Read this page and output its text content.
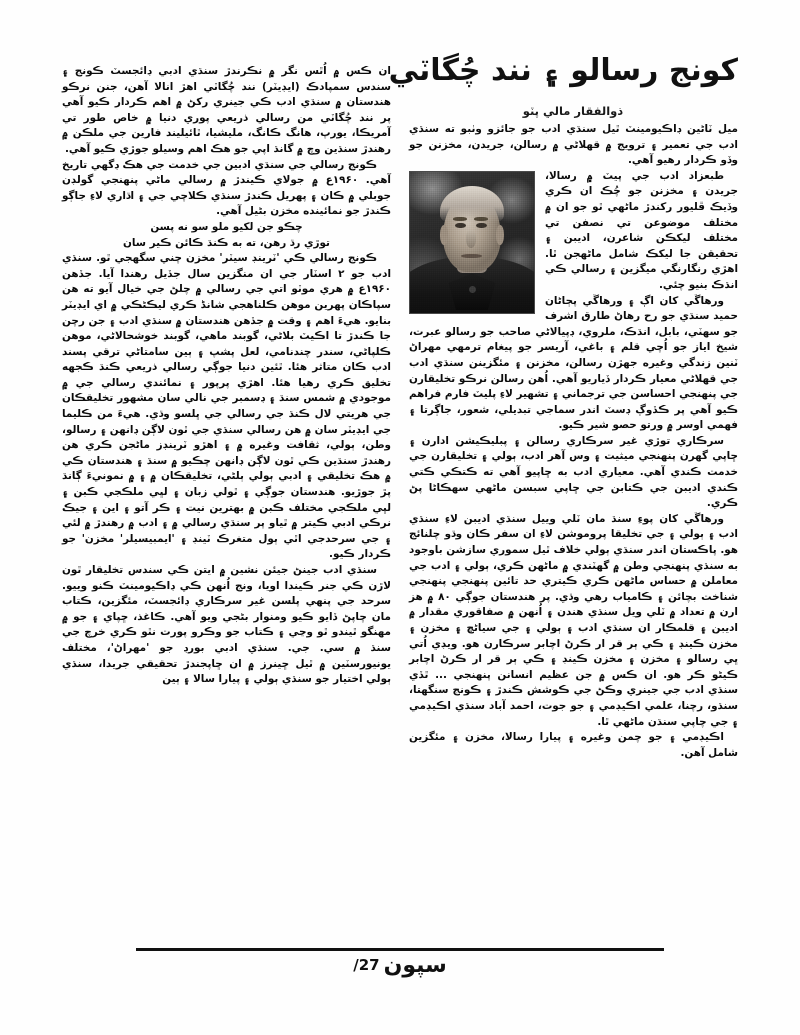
كونج رسالو ۽ نند چُگاٽي
ذوالفقار مالي پٽو

ميل ٽاڻين ڊاڪيومينٽ ٿيل سنڌي ادب جو جائزو وٺبو ته سنڌي ادب جي تعمير ۽ ترويج ۾ قهلاڻي ۾ رسالن، جريدن، مخزنن جو وڏو ڪردار رهيو آهي.

طبعزاد ادب جي پيٽ ۾ رسالا، جريدن ۽ مخزنن جو چُڪ ان ڪري وڏيڪ ڦليور رکندڙ ماڻهي ٿو جو ان ۾ مختلف موضوعن تي نصفن تي مختلف ليکڪن شاعرن، اديبن ۽ تحقيقن جا ليکڪ شامل ماڻهجن ٿا. اهڙي رنگارنگي ميگزين ۽ رسالي ڪي انڌڪ بنيو چئي.

ورهاڱي کان اڳ ۽ ورهاڱي پڄاڻان حميد سنڌي جو رح رهاڻ طارق اشرف جو سهٽي، بابل، انڌڪ، ملروي، ڊپيالاڻي صاحب جو رسالو عبرت، شيخ اياز جو اُچي قلم ۽ باغي، آريسر جو پيغام ترمهي مهراڻ ٽنين زندگي وغيره جهڙن رسالن، مخزنن ۽ مئگزينن سنڌي ادب جي قهلاڻي معيار ڪردار ڏياريو آهي. اُهن رسالن نرڪو تخليقارن جي پنهنجي احساسن جي ترجماني ۽ تشهير لاءِ پليٽ فارم فراهم ڪيو آهي پر ڪڏوڳ ڊسٽ اندر سماجي تبديلي، شعور، جاڳرتا ۽ فهمي اوسر ۾ ورتو حصو شير ڪيو.

سرڪاري توڙي غير سرڪاري رسالن ۽ پبليڪيشن ادارن ۽ ڇاپي گهرن پنهنجي ميثيت ۽ وس آهر ادب، ٻولي ۽ تخليقارن جي خدمت ڪندي آهي. معياري ادب به ڇاپيو آهي ته ڪتڪي ڪتي ڪندي اديبن جي ڪتابن جي ڇاپي سبسن ماڻهي سهڪاڻا پڻ ڪري.

ورهاڱي کان پوءِ سنڌ مان ٽلي وييل سنڌي اديبن لاءِ سنڌي ادب ۽ ٻولي ۽ جي تخليقا پروموشن لاءِ ان سفر ڪان وڌو چلنائج هو. پاڪستان اندر سنڌي ٻولي خلاف ٿيل سموري سازشن باوجود به سنڌي پنهنجي وطن ۾ گهٽندي ۾ ماڻهن ڪري، ٻولي ۽ ادب جي معاملن ۾ حساس ماڻهن ڪري ڪيتري حد تائين پنهنجي پنهنجي شناخت بچائن ۽ ڪامياب رهي وڌي. پر هندستان جوڳي ۸۰ ۾ هز ارن ۾ تعداد ۾ ٽلي ويل سنڌي هندن ۽ اُنهن ۾ صفاقوري مقدار ۾ اديبن ۽ قلمڪار ان سنڌي ادب ۽ ٻولي ۽ جي سياڻڇ ۽ مخزن ۽ مخزن ڪينڊ ۽ ڪي ٻر قر ار ڪرڻ اچابر سرڪارن هو. ويڊي اُتي ڀي رسالو ۽ مخزن ۽ مخزن ڪينڊ ۽ ڪي ٻر قر ار ڪرڻ اچابر ڪيڻو ڪر هو. ان ڪس ۾ جن عظيم انسانن پنهنجي ... ٿڏي سنڌي ادب جي جينري وڪڻ جي ڪوشش ڪندڙ ۽ ڪونج سنگهتا، سنڌو، رچنا، علمي اڪيڊمي ۽ جو جوت، احمد آباد سنڌي اڪيڊمي ۽ جي چاپي سنڌن ماڻهي ٿا.

اڪيڊمي ۽ جو چمن وغيره ۽ پيارا رسالا، مخزن ۽ مئگزين شامل آهن.

ان ڪس ۾ اُٿس نگر ۾ نڪرندڙ سنڌي ادبي ڊائجسٽ ڪونج ۽ سندس سمپادڪ (ايڊيٽر) نند چُگاٽي اهڙ انالا آهن، جنن نرڪو هندستان ۾ سنڌي ادب ڪي جينري رکڻ ۾ اهم ڪردار ڪيو آهي پر نند چُگاٽي من رسالي ذريعي پوري دنيا ۾ خاص طور تي آمريڪا، يورپ، هانگ ڪانگ، مليشيا، ٿائيليند فارين جي ملڪن ۾ رهندڙ سنڌين وچ ۾ گانڌ اپي جو هڪ اهم وسيلو جوڙي ڪيو آهي.

ڪونج رسالي جي سنڌي ادبين جي خدمت جي هڪ ڊگهي تاريخ آهي. ۱۹۶۰ع ۾ جولاي ڪيندڙ ۾ رسالي ماڻي پنهنجي گولڊن جوبلي ۾ ڪان ۽ پهريل ڪندڙ سنڌي ڪلاچي جي ۽ اڌاري لاءِ جاڳو ڪندڙ جو نمائينده مخزن بڻيل آهي.

چڪو جن لکيو ملو سو نه پسن

توڙي رڌ رهن، ته به ڪنڌ ڪائن ڪير سان

ڪونج رسالي ڪي 'ٽرينڊ سيٽر' مخزن چني سگهجي ٿو. سنڌي ادب جو ۲ اسٽار جي ان منگزين سال جڏيل رهندا آيا. جڏهن ۱۹۶۰ع ۾ هري موٽو اتي جي رسالي ۾ چلڻ جي خيال آيو ته هن سپاڪان پهرين موهن ڪلناهجي شانڈ ڪري ليڪڻڪي ۾ اي ايڊيٽر بنايو. هيءَ اهم ۽ وقت ۾ جڏهن هندستان ۾ سنڌي ادب ۽ جن رچن جا ڪندڙ تا اڪيٽ بلاڻي، گوبند ماهي، گوبند خوشحالاڻي، موهن ڪلپاڻي، سندر چندنامي، لعل پشپ ۽ ٻين سامتاڻي ترقي پسند ادب ڪان متاثر هئا. ٿئين دنيا جوڳي رسالي ذريعي ڪنڌ ڪجهه تخليق ڪري رهيا هئا. اهڙي پرپور ۽ نمائندي رسالي جي ۾ موجودي ۾ شمس سنڌ ۽ ڊسمبر جي نالي سان مشهور تخليقڪان جي هريتي لال ڪنڌ جي رسالي جي ڀلسو وڌي. هيءَ من ڪليما جي ايڊيٽر سان ۾ هن رسالي سنڌي جي ٿون لاڳن ڊانهن ۽ رسالو، وطن، ٻولي، ثقافت وغيره ۾ ۽ اهڙو ٽرينڊز ماڻجن ڪري هن رهندڙ سنڌين ڪي ٿون لاڳن ڊانهن چڪيو ۾ سنڌ ۽ هندستان ڪي ۾ هڪ تخليقي ۽ ادبي ٻولي ٻلڻي، تخليقڪان ۾ ۽ ۾ نمونيءَ ڳانڌ پڙ جوڙيو. هندستان جوڳي ۽ ٿولي زبان ۽ لڀي ملڪجي ڪبن ۽ لڀي ملڪجي مختلف ڪبن ۾ بهترين نيت ۽ ڪر آتو ۽ اين ۽ جيڪ نرڪي ادبي ڪيتر ۾ ٿياو پر سنڌي رسالي ۾ ۽ ادب ۾ رهندڙ ۾ لئي ۽ جي سرحدجي اٿي ٻول متغرڪ ٽينڊ ۽ 'ايمبيسيلر' مخزن' جو ڪردار ڪيو.

سنڌي ادب جينڻ جيئن نشين ۾ ايتن ڪي سندس تخليقار ٿون لاڙن ڪي جنر ڪيندا اويا، ونج اُنهن ڪي ڊاڪيومينٽ ڪنو وييو. سرحد جي پنهي پلسن غير سرڪاري ڊائجسٽ، مئگزين، ڪتاب مان چاپڻ ڏايو ڪيو ومنوار بڻجي ويو آهي. ڪاغذ، ڇپاي ۽ جو ۾ مهنگو ٿيندو ٿو وڃي ۽ ڪتاب جو وڪرو پورت نٿو ڪري خرچ جي سنڌ ۾ سي. جي. سنڌي ادبي بورڊ جو 'مهراڻ'، مختلف يونيورسٽين ۾ ٿيل ڇينرز ۾ ان ڇاپجندڙ تحقيقي جريدا، سنڌي ٻولي اختيار جو سنڌي ٻولي ۽ پيارا سالا ۽ ٻين

سپون27/
